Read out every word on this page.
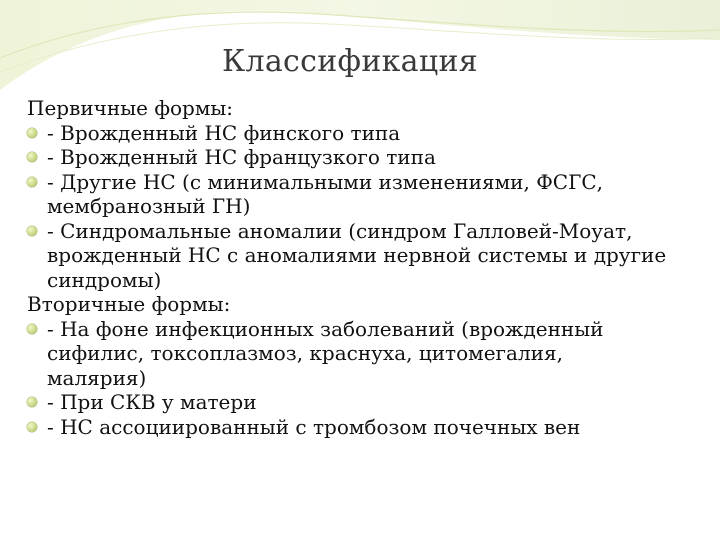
Классификация

Первичные формы:

- Врожденный НС финского типа
- Врожденный НС французкого типа
- Другие НС (с минимальными изменениями, ФСГС, мембранозный ГН)
- Синдромальные аномалии (синдром Галловей-Моуат, врожденный НС с аномалиями нервной системы и другие синдромы)

Вторичные формы:

- На фоне инфекционных заболеваний (врожденный сифилис, токсоплазмоз, краснуха, цитомегалия, малярия)
- При СКВ у матери
- НС ассоциированный с тромбозом почечных вен
